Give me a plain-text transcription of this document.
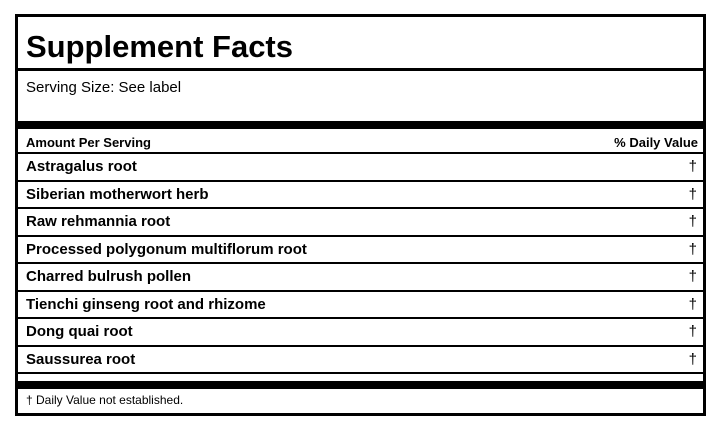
Supplement Facts
Serving Size: See label
Amount Per Serving	% Daily Value
Astragalus root	†
Siberian motherwort herb	†
Raw rehmannia root	†
Processed polygonum multiflorum root	†
Charred bulrush pollen	†
Tienchi ginseng root and rhizome	†
Dong quai root	†
Saussurea root	†
† Daily Value not established.
